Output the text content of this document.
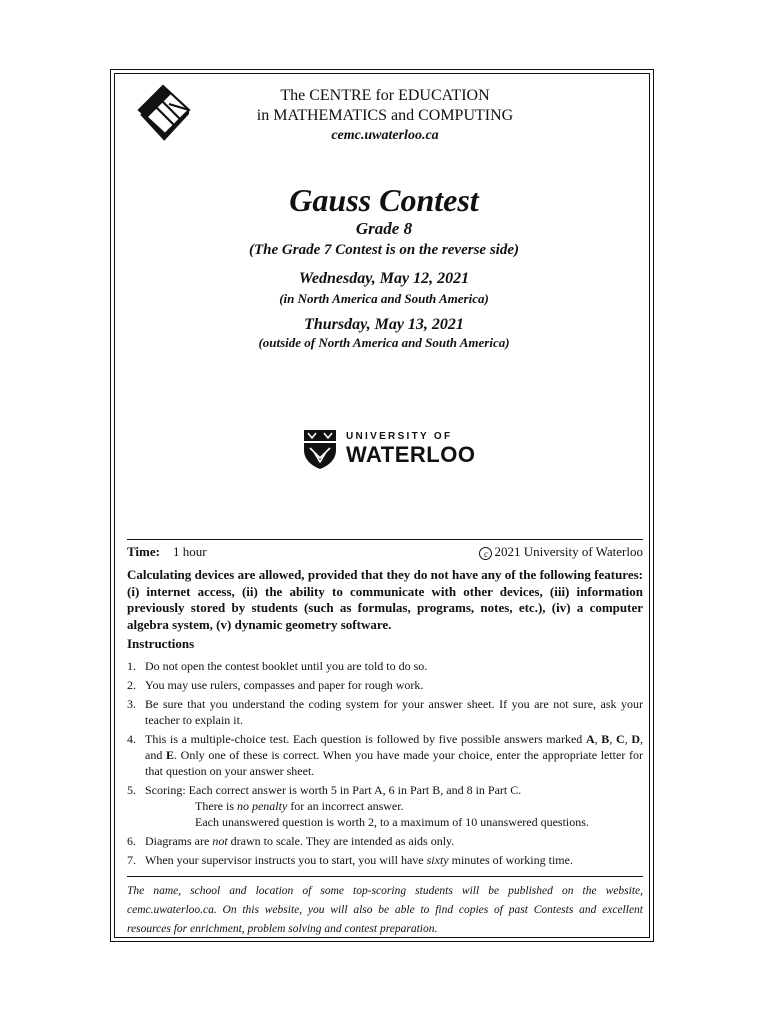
The CENTRE for EDUCATION
in MATHEMATICS and COMPUTING
cemc.uwaterloo.ca
Gauss Contest
Grade 8
(The Grade 7 Contest is on the reverse side)
Wednesday, May 12, 2021
(in North America and South America)
Thursday, May 13, 2021
(outside of North America and South America)
UNIVERSITY OF
WATERLOO
Time: 1 hour	c 2021 University of Waterloo
Calculating devices are allowed, provided that they do not have any of the following features: (i) internet access, (ii) the ability to communicate with other devices, (iii) information previously stored by students (such as formulas, programs, notes, etc.), (iv) a computer algebra system, (v) dynamic geometry software.
Instructions
1. Do not open the contest booklet until you are told to do so.
2. You may use rulers, compasses and paper for rough work.
3. Be sure that you understand the coding system for your answer sheet. If you are not sure, ask your teacher to explain it.
4. This is a multiple-choice test. Each question is followed by five possible answers marked A, B, C, D, and E. Only one of these is correct. When you have made your choice, enter the appropriate letter for that question on your answer sheet.
5. Scoring: Each correct answer is worth 5 in Part A, 6 in Part B, and 8 in Part C.
There is no penalty for an incorrect answer.
Each unanswered question is worth 2, to a maximum of 10 unanswered questions.
6. Diagrams are not drawn to scale. They are intended as aids only.
7. When your supervisor instructs you to start, you will have sixty minutes of working time.
The name, school and location of some top-scoring students will be published on the website, cemc.uwaterloo.ca. On this website, you will also be able to find copies of past Contests and excellent resources for enrichment, problem solving and contest preparation.
